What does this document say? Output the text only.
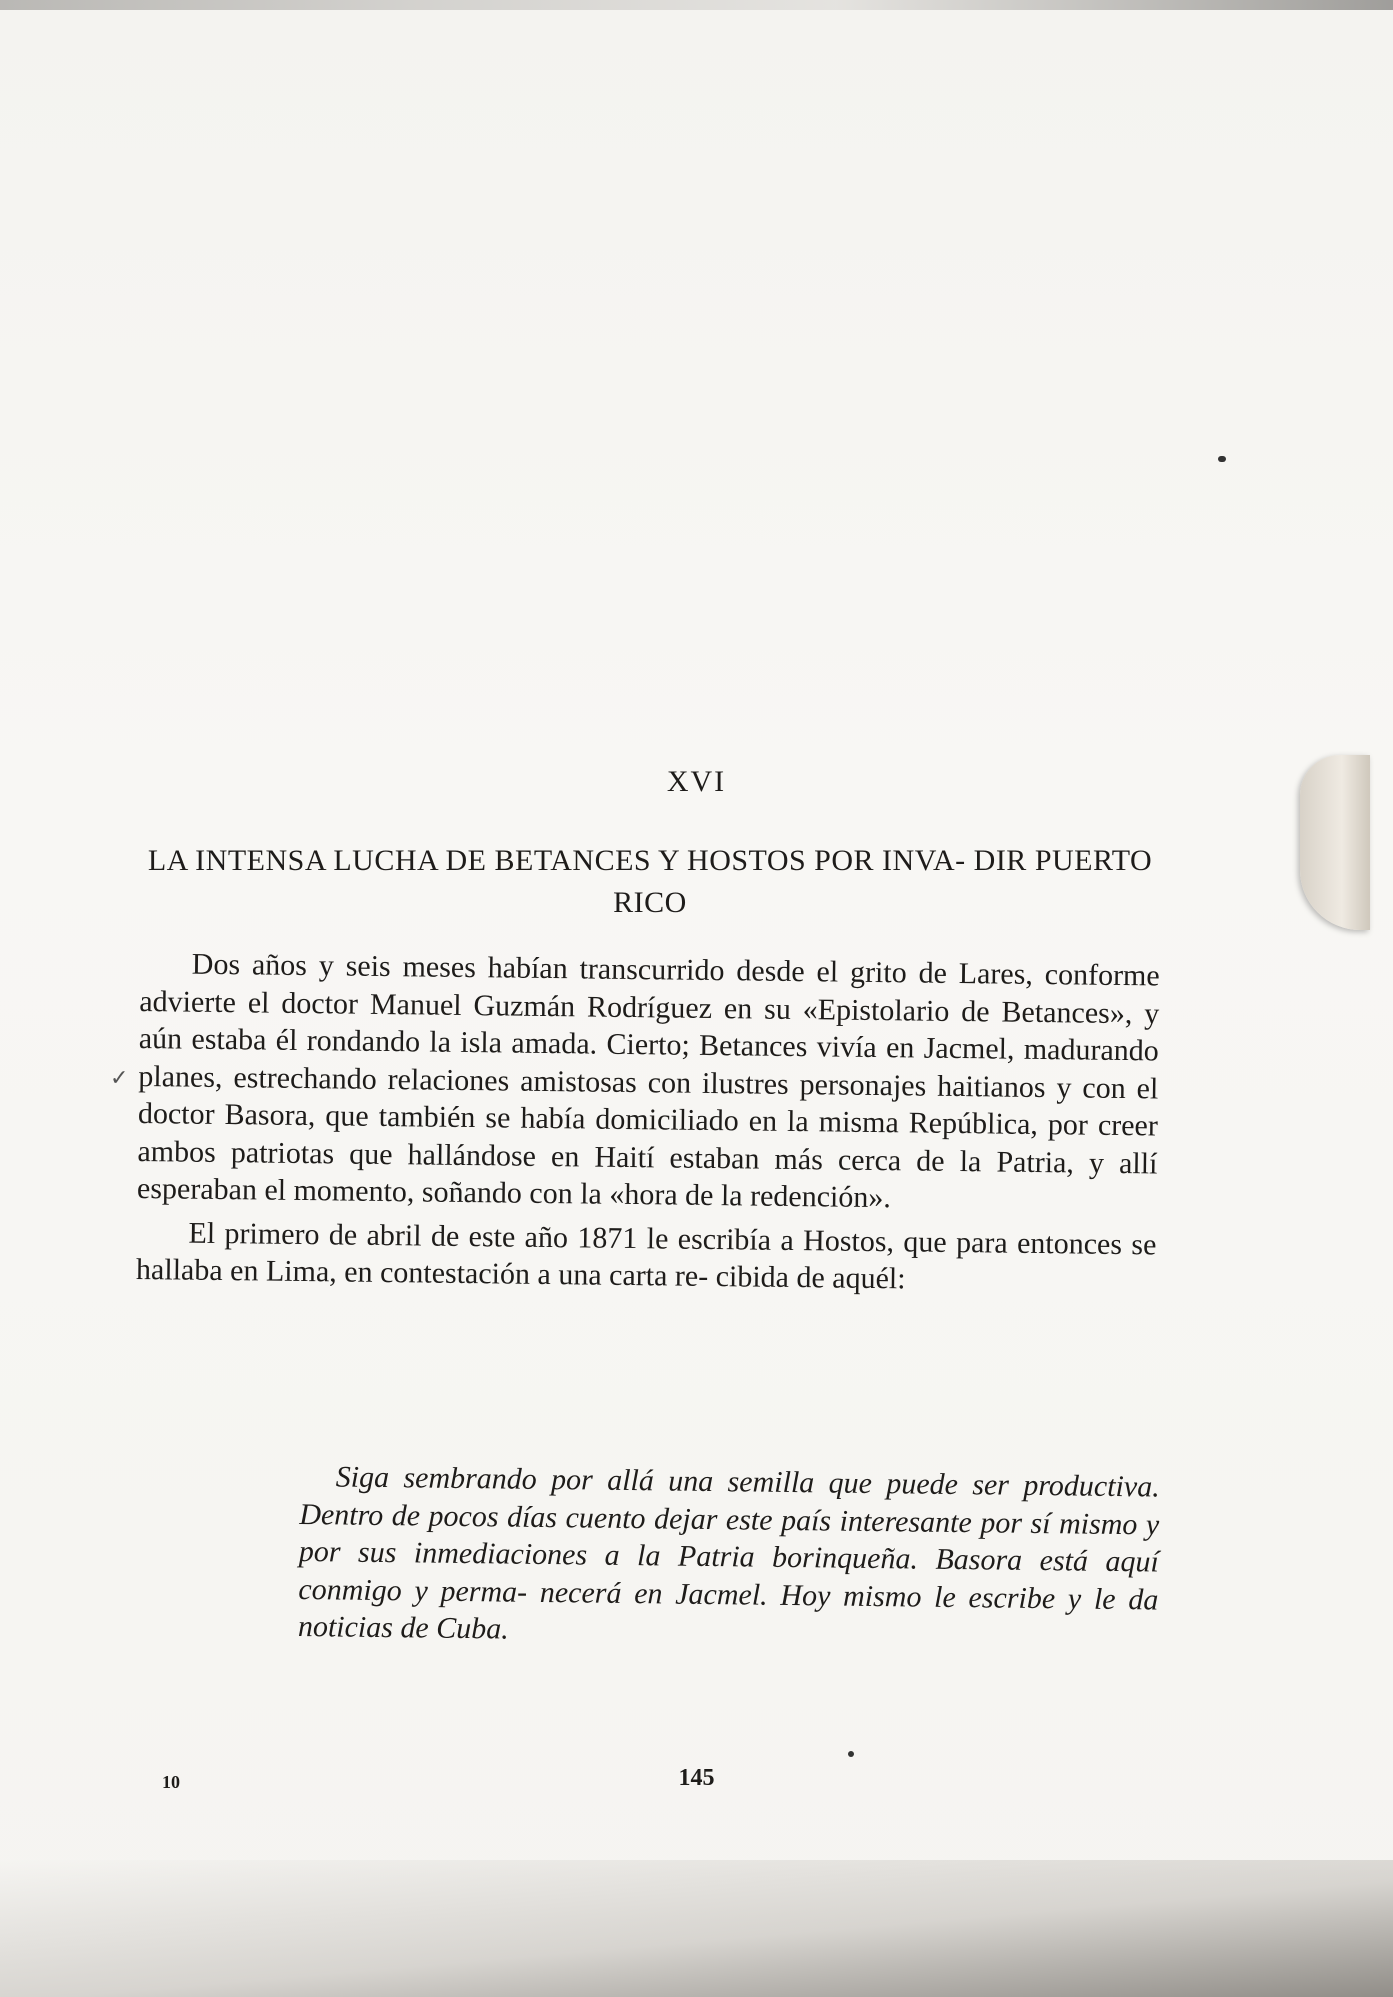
XVI
LA INTENSA LUCHA DE BETANCES Y HOSTOS POR INVA- DIR PUERTO RICO
✓

Dos años y seis meses habían transcurrido desde el grito de Lares, conforme advierte el doctor Manuel Guzmán Rodríguez en su «Epistolario de Betances», y aún estaba él rondando la isla amada. Cierto; Betances vivía en Jacmel, madurando planes, estrechando relaciones amistosas con ilustres personajes haitianos y con el doctor Basora, que también se había domiciliado en la misma República, por creer ambos patriotas que hallándose en Haití estaban más cerca de la Patria, y allí esperaban el momento, soñando con la «hora de la redención».

El primero de abril de este año 1871 le escribía a Hostos, que para entonces se hallaba en Lima, en contestación a una carta re- cibida de aquél:

Siga sembrando por allá una semilla que puede ser productiva. Dentro de pocos días cuento dejar este país interesante por sí mismo y por sus inmediaciones a la Patria borinqueña. Basora está aquí conmigo y perma- necerá en Jacmel. Hoy mismo le escribe y le da noticias de Cuba.

10	145
